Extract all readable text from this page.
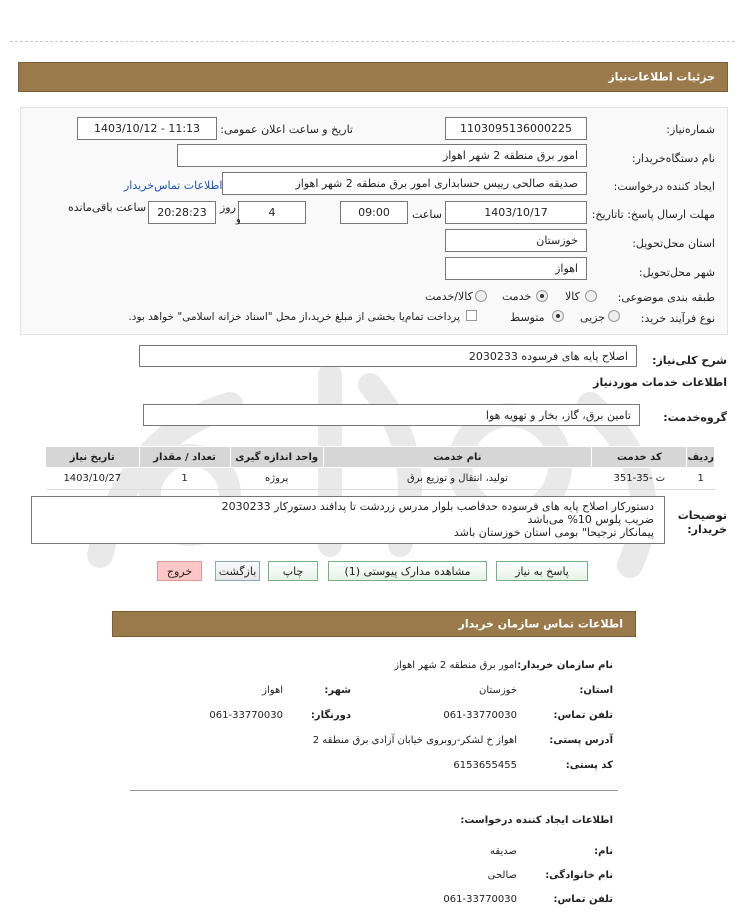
جزئیات اطلاعات‌نیاز
شماره‌نیاز:
1103095136000225
تاریخ و ساعت اعلان عمومی:
1403/10/12 - 11:13
نام دستگاه‌خریدار:
امور برق منطقه 2 شهر اهواز
ایجاد کننده درخواست:
صدیقه صالحی رییس حسابداری امور برق منطقه 2 شهر اهواز
اطلاعات تماس‌خریدار
مهلت ارسال پاسخ: تاتاریخ:
1403/10/17
ساعت
09:00
4
روز
و
20:28:23
ساعت باقی‌مانده
استان محل‌تحویل:
خوزستان
شهر محل‌تحویل:
اهواز
طبقه بندی موضوعی:
کالا
خدمت
کالا/خدمت
نوع فرآیند خرید:
جزیی
متوسط
پرداخت تمام‌یا بخشی از مبلغ خرید،از محل "اسناد خزانه اسلامی" خواهد بود.
شرح کلی‌نیاز:
اصلاح پایه های فرسوده 2030233
اطلاعات خدمات موردنیاز
گروه‌خدمت:
تامین برق، گاز، بخار و تهویه هوا
ردیف	کد خدمت	نام خدمت	واحد اندازه گیری	تعداد / مقدار	تاریخ نیاز
1	ت -35-351	تولید، انتقال و توزیع برق	پروژه	1	1403/10/27
توضیحات خریدار:
دستورکار اصلاح پایه های فرسوده حدفاصب بلوار مدرس زردشت تا پدافند دستورکار 2030233
ضریب پلوس 10% می‌باشد
پیمانکار ترجیحا" بومی استان خوزستان باشد
پاسخ به نیاز
مشاهده مدارک پیوستی (1)
چاپ
بازگشت
خروج
اطلاعات تماس سازمان خریدار
نام سازمان خریدار:
امور برق منطقه 2 شهر اهواز
استان:
خوزستان
شهر:
اهواز
تلفن تماس:
061-33770030
دورنگار:
061-33770030
آدرس پستی:
اهواز خ لشکر-روبروی خیابان آزادی برق منطقه 2
کد پستی:
6153655455
اطلاعات ایجاد کننده درخواست:
نام:
صدیقه
نام خانوادگی:
صالحی
تلفن تماس:
061-33770030
